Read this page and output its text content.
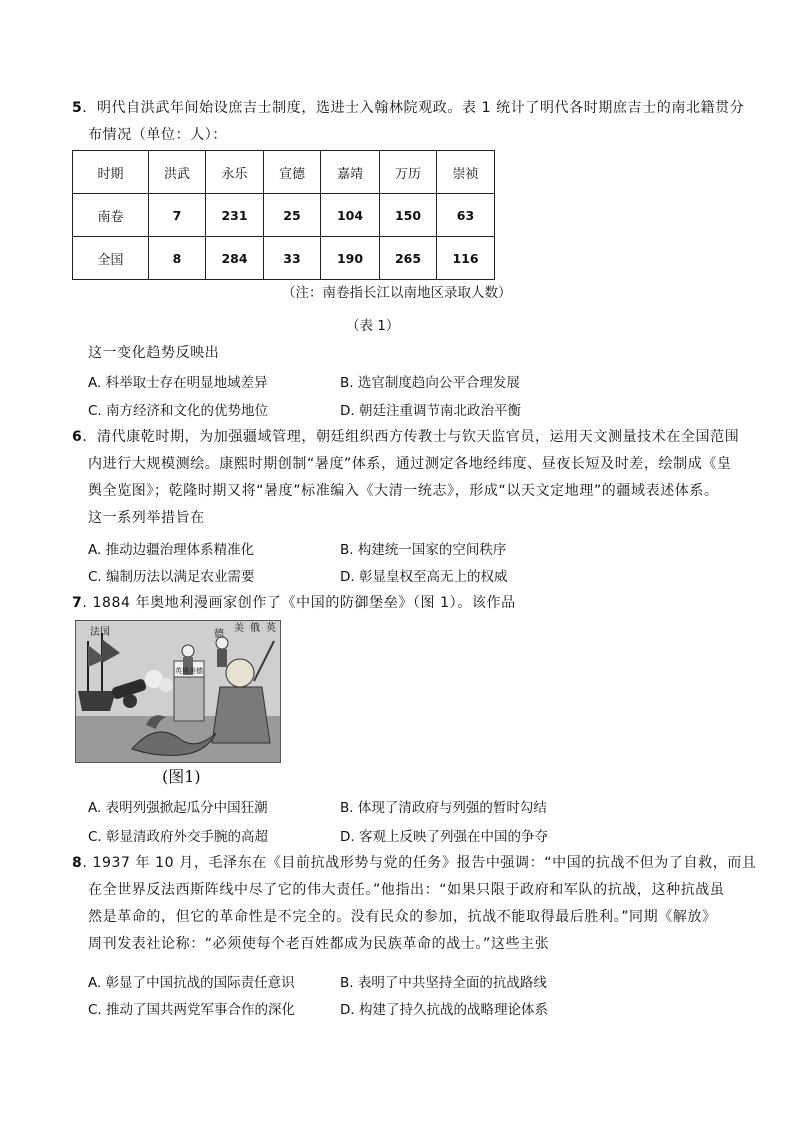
5．明代自洪武年间始设庶吉士制度，选进士入翰林院观政。表 1 统计了明代各时期庶吉士的南北籍贯分
布情况（单位：人）：
时期	洪武	永乐	宣德	嘉靖	万历	崇祯
南卷	7	231	25	104	150	63
全国	8	284	33	190	265	116
（注：南卷指长江以南地区录取人数）
（表 1）
这一变化趋势反映出
A. 科举取士存在明显地域差异	B. 选官制度趋向公平合理发展
C. 南方经济和文化的优势地位	D. 朝廷注重调节南北政治平衡
6．清代康乾时期，为加强疆域管理，朝廷组织西方传教士与钦天监官员，运用天文测量技术在全国范围
内进行大规模测绘。康熙时期创制“暑度”体系，通过测定各地经纬度、昼夜长短及时差，绘制成《皇
舆全览图》；乾隆时期又将“暑度”标准编入《大清一统志》，形成“以天文定地理”的疆域表述体系。
这一系列举措旨在
A. 推动边疆治理体系精准化	B. 构建统一国家的空间秩序
C. 编制历法以满足农业需要	D. 彰显皇权至高无上的权威
7. 1884 年奥地利漫画家创作了《中国的防御堡垒》（图 1）。该作品
法国	德
美 俄 英
英俄美德
(图1)
A. 表明列强掀起瓜分中国狂潮	B. 体现了清政府与列强的暂时勾结
C. 彰显清政府外交手腕的高超	D. 客观上反映了列强在中国的争夺
8. 1937 年 10 月，毛泽东在《目前抗战形势与党的任务》报告中强调：“中国的抗战不但为了自救，而且
在全世界反法西斯阵线中尽了它的伟大责任。”他指出：“如果只限于政府和军队的抗战，这种抗战虽
然是革命的，但它的革命性是不完全的。没有民众的参加，抗战不能取得最后胜利。”同期《解放》
周刊发表社论称：“必须使每个老百姓都成为民族革命的战士。”这些主张
A. 彰显了中国抗战的国际责任意识	B. 表明了中共坚持全面的抗战路线
C. 推动了国共两党军事合作的深化	D. 构建了持久抗战的战略理论体系
